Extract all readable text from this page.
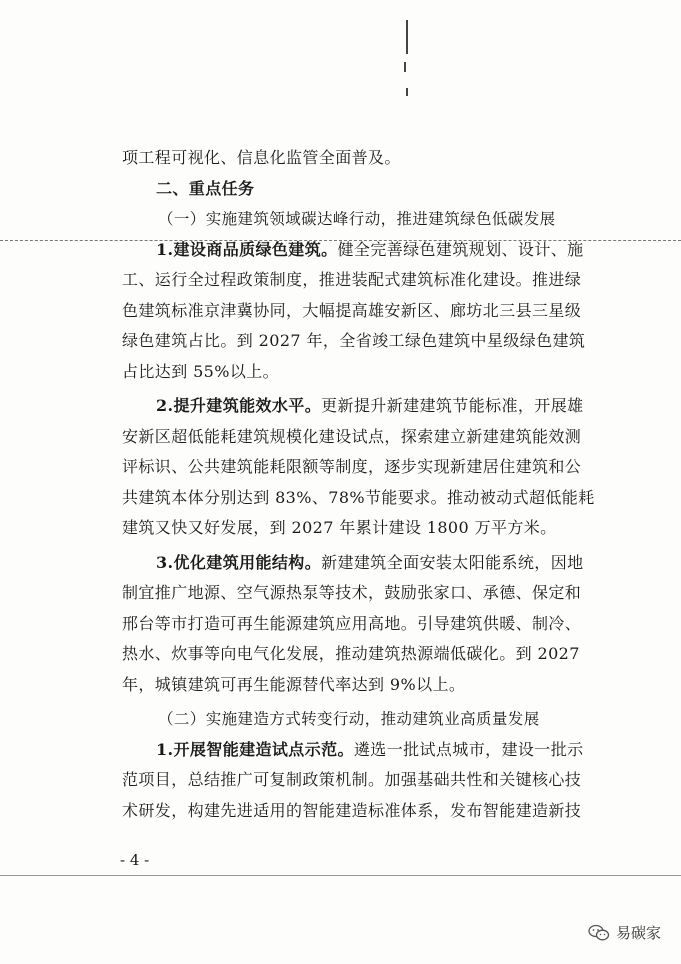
项工程可视化、信息化监管全面普及。
二、重点任务
（一）实施建筑领域碳达峰行动，推进建筑绿色低碳发展
1.建设商品质绿色建筑。健全完善绿色建筑规划、设计、施
工、运行全过程政策制度，推进装配式建筑标准化建设。推进绿
色建筑标准京津冀协同，大幅提高雄安新区、廊坊北三县三星级
绿色建筑占比。到 2027 年，全省竣工绿色建筑中星级绿色建筑
占比达到 55%以上。
2.提升建筑能效水平。更新提升新建建筑节能标准，开展雄
安新区超低能耗建筑规模化建设试点，探索建立新建建筑能效测
评标识、公共建筑能耗限额等制度，逐步实现新建居住建筑和公
共建筑本体分别达到 83%、78%节能要求。推动被动式超低能耗
建筑又快又好发展，到 2027 年累计建设 1800 万平方米。
3.优化建筑用能结构。新建建筑全面安装太阳能系统，因地
制宜推广地源、空气源热泵等技术，鼓励张家口、承德、保定和
邢台等市打造可再生能源建筑应用高地。引导建筑供暖、制冷、
热水、炊事等向电气化发展，推动建筑热源端低碳化。到 2027
年，城镇建筑可再生能源替代率达到 9%以上。
（二）实施建造方式转变行动，推动建筑业高质量发展
1.开展智能建造试点示范。遴选一批试点城市，建设一批示
范项目，总结推广可复制政策机制。加强基础共性和关键核心技
术研发，构建先进适用的智能建造标准体系，发布智能建造新技
- 4 -
易碳家
